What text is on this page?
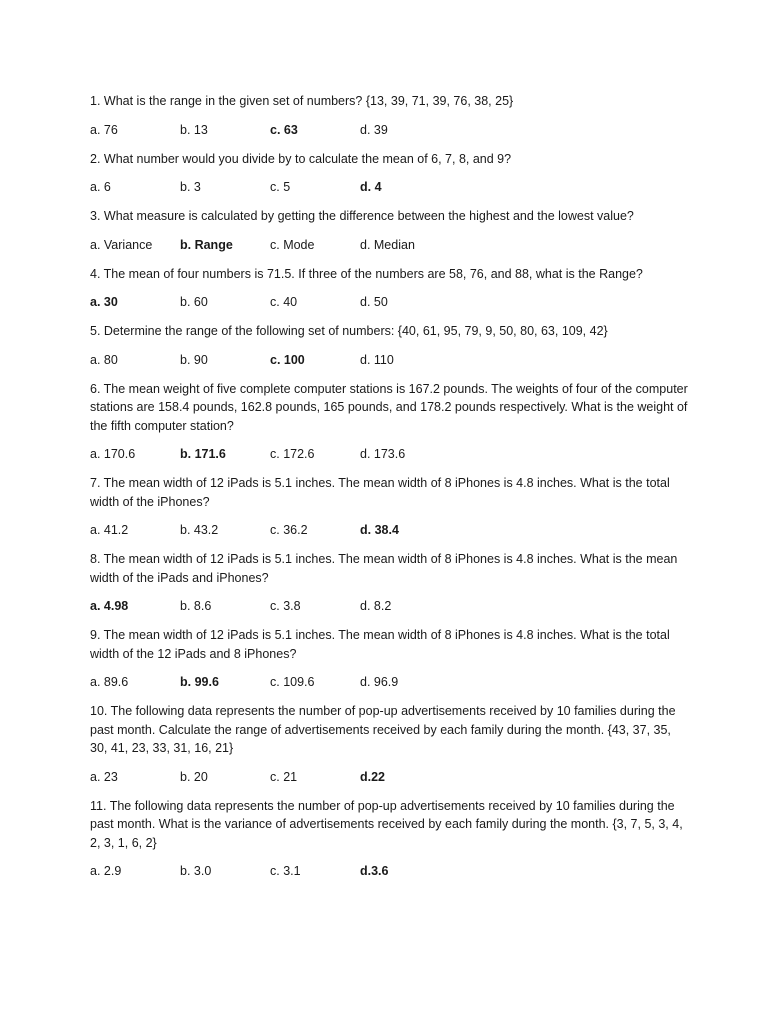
1. What is the range in the given set of numbers? {13, 39, 71, 39, 76, 38, 25}

a. 76	b. 13	c. 63	d. 39

2. What number would you divide by to calculate the mean of 6, 7, 8, and 9?

a. 6	b. 3	c. 5	d. 4

3. What measure is calculated by getting the difference between the highest and the lowest value?

a. Variance	b. Range	c. Mode	d. Median

4. The mean of four numbers is 71.5. If three of the numbers are 58, 76, and 88, what is the Range?

a. 30	b. 60	c. 40	d. 50

5. Determine the range of the following set of numbers: {40, 61, 95, 79, 9, 50, 80, 63, 109, 42}

a. 80	b. 90	c. 100	d. 110

6. The mean weight of five complete computer stations is 167.2 pounds. The weights of four of the computer stations are 158.4 pounds, 162.8 pounds, 165 pounds, and 178.2 pounds respectively. What is the weight of the fifth computer station?

a. 170.6	b. 171.6	c. 172.6	d. 173.6

7. The mean width of 12 iPads is 5.1 inches. The mean width of 8 iPhones is 4.8 inches. What is the total width of the iPhones?

a. 41.2	b. 43.2	c. 36.2	d. 38.4

8. The mean width of 12 iPads is 5.1 inches. The mean width of 8 iPhones is 4.8 inches. What is the mean width of the iPads and iPhones?

a. 4.98	b. 8.6	c. 3.8	d. 8.2

9. The mean width of 12 iPads is 5.1 inches. The mean width of 8 iPhones is 4.8 inches. What is the total width of the 12 iPads and 8 iPhones?

a. 89.6	b. 99.6	c. 109.6	d. 96.9

10. The following data represents the number of pop-up advertisements received by 10 families during the past month. Calculate the range of advertisements received by each family during the month. {43, 37, 35, 30, 41, 23, 33, 31, 16, 21}

a. 23	b. 20	c. 21	d.22

11. The following data represents the number of pop-up advertisements received by 10 families during the past month. What is the variance of advertisements received by each family during the month. {3, 7, 5, 3, 4, 2, 3, 1, 6, 2}

a. 2.9	b. 3.0	c. 3.1	d.3.6
